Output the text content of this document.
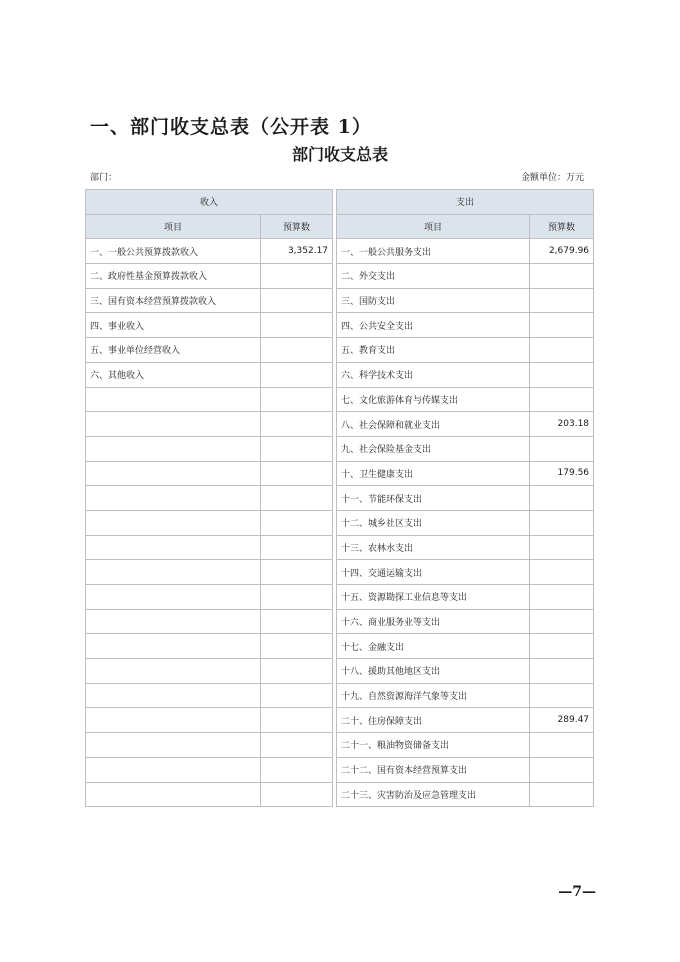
一、部门收支总表（公开表 1）
部门收支总表
部门：	金额单位：万元
收入			支出	
项目	预算数		项目	预算数
一、一般公共预算拨款收入	3,352.17		一、一般公共服务支出	2,679.96
二、政府性基金预算拨款收入			二、外交支出	
三、国有资本经营预算拨款收入			三、国防支出	
四、事业收入			四、公共安全支出	
五、事业单位经营收入			五、教育支出	
六、其他收入			六、科学技术支出	
			七、文化旅游体育与传媒支出	
			八、社会保障和就业支出	203.18
			九、社会保险基金支出	
			十、卫生健康支出	179.56
			十一、节能环保支出	
			十二、城乡社区支出	
			十三、农林水支出	
			十四、交通运输支出	
			十五、资源勘探工业信息等支出	
			十六、商业服务业等支出	
			十七、金融支出	
			十八、援助其他地区支出	
			十九、自然资源海洋气象等支出	
			二十、住房保障支出	289.47
			二十一、粮油物资储备支出	
			二十二、国有资本经营预算支出	
			二十三、灾害防治及应急管理支出	
—7—
